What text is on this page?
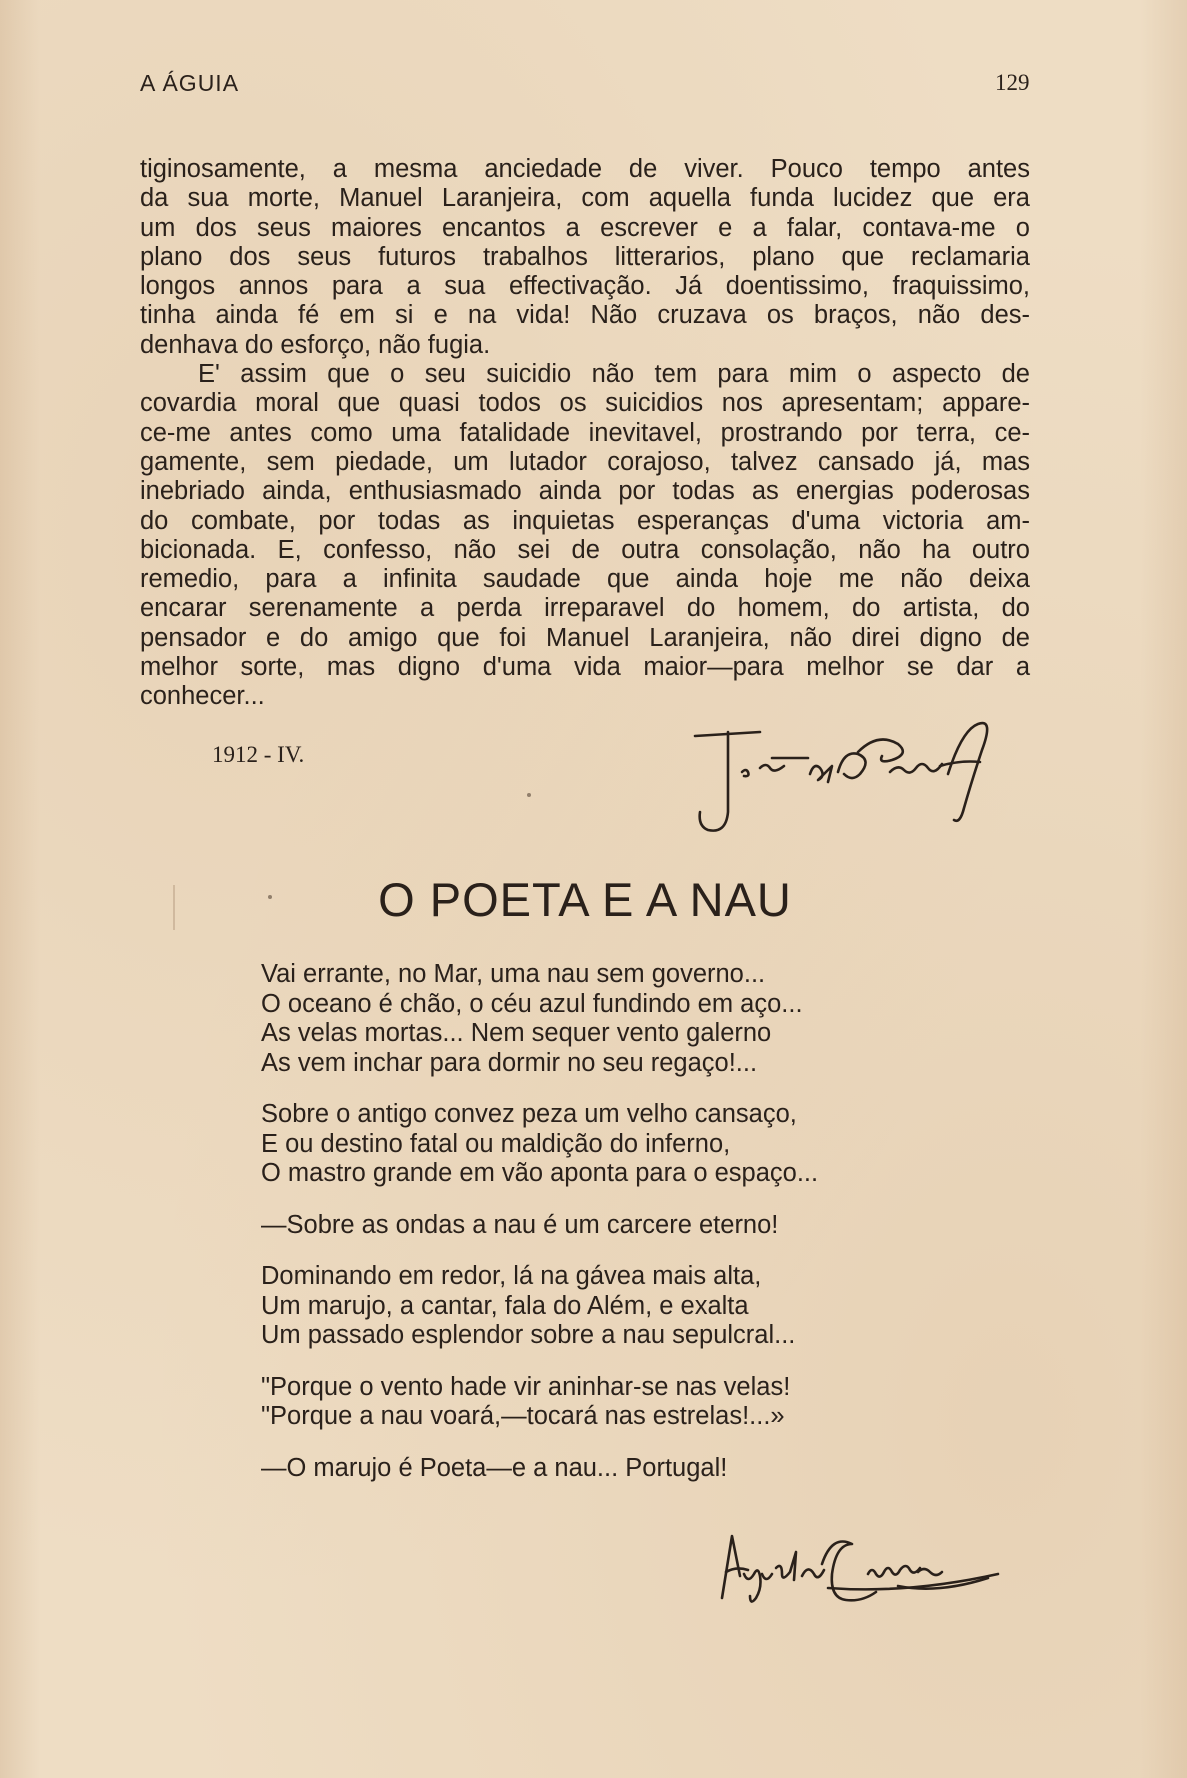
A ÁGUIA	129
tiginosamente, a mesma anciedade de viver. Pouco tempo antes
da sua morte, Manuel Laranjeira, com aquella funda lucidez que era
um dos seus maiores encantos a escrever e a falar, contava-me o
plano dos seus futuros trabalhos litterarios, plano que reclamaria
longos annos para a sua effectivação. Já doentissimo, fraquissimo,
tinha ainda fé em si e na vida! Não cruzava os braços, não des-
denhava do esforço, não fugia.
E' assim que o seu suicidio não tem para mim o aspecto de
covardia moral que quasi todos os suicidios nos apresentam; appare-
ce-me antes como uma fatalidade inevitavel, prostrando por terra, ce-
gamente, sem piedade, um lutador corajoso, talvez cansado já, mas
inebriado ainda, enthusiasmado ainda por todas as energias poderosas
do combate, por todas as inquietas esperanças d'uma victoria am-
bicionada. E, confesso, não sei de outra consolação, não ha outro
remedio, para a infinita saudade que ainda hoje me não deixa
encarar serenamente a perda irreparavel do homem, do artista, do
pensador e do amigo que foi Manuel Laranjeira, não direi digno de
melhor sorte, mas digno d'uma vida maior—para melhor se dar a
conhecer...
1912 - IV.
O POETA E A NAU
Vai errante, no Mar, uma nau sem governo...
O oceano é chão, o céu azul fundindo em aço...
As velas mortas... Nem sequer vento galerno
As vem inchar para dormir no seu regaço!...
Sobre o antigo convez peza um velho cansaço,
E ou destino fatal ou maldição do inferno,
O mastro grande em vão aponta para o espaço...
—Sobre as ondas a nau é um carcere eterno!
Dominando em redor, lá na gávea mais alta,
Um marujo, a cantar, fala do Além, e exalta
Um passado esplendor sobre a nau sepulcral...
"Porque o vento hade vir aninhar-se nas velas!
"Porque a nau voará,—tocará nas estrelas!...»
—O marujo é Poeta—e a nau... Portugal!
